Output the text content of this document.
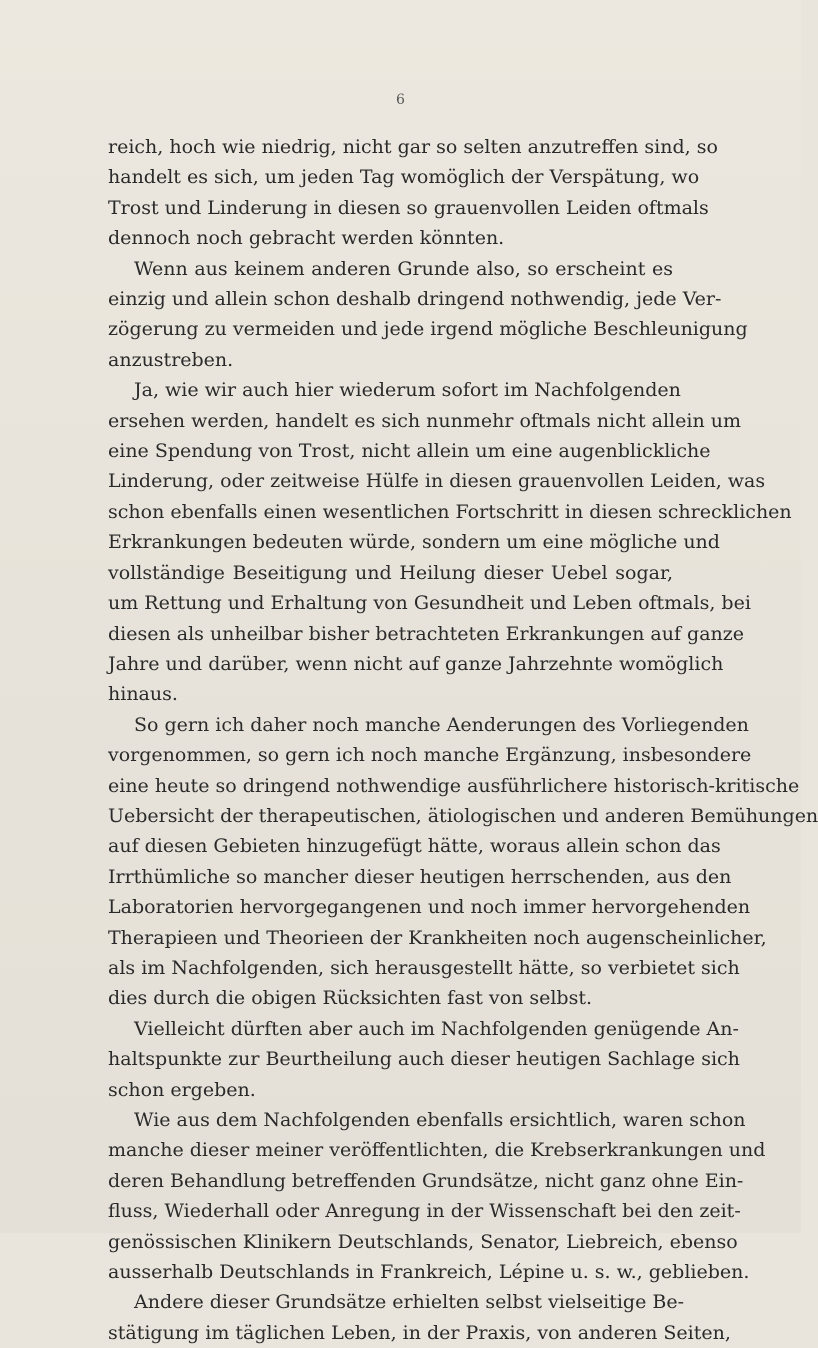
6
reich, hoch wie niedrig, nicht gar so selten anzutreffen sind, so
handelt es sich, um jeden Tag womöglich der Verspätung, wo
Trost und Linderung in diesen so grauenvollen Leiden oftmals
dennoch noch gebracht werden könnten.
Wenn aus keinem anderen Grunde also, so erscheint es
einzig und allein schon deshalb dringend nothwendig, jede Ver-
zögerung zu vermeiden und jede irgend mögliche Beschleunigung
anzustreben.
Ja, wie wir auch hier wiederum sofort im Nachfolgenden
ersehen werden, handelt es sich nunmehr oftmals nicht allein um
eine Spendung von Trost, nicht allein um eine augenblickliche
Linderung, oder zeitweise Hülfe in diesen grauenvollen Leiden, was
schon ebenfalls einen wesentlichen Fortschritt in diesen schrecklichen
Erkrankungen bedeuten würde, sondern um eine mögliche und
vollständige Beseitigung und Heilung dieser Uebel sogar,
um Rettung und Erhaltung von Gesundheit und Leben oftmals, bei
diesen als unheilbar bisher betrachteten Erkrankungen auf ganze
Jahre und darüber, wenn nicht auf ganze Jahrzehnte womöglich
hinaus.
So gern ich daher noch manche Aenderungen des Vorliegenden
vorgenommen, so gern ich noch manche Ergänzung, insbesondere
eine heute so dringend nothwendige ausführlichere historisch-kritische
Uebersicht der therapeutischen, ätiologischen und anderen Bemühungen
auf diesen Gebieten hinzugefügt hätte, woraus allein schon das
Irrthümliche so mancher dieser heutigen herrschenden, aus den
Laboratorien hervorgegangenen und noch immer hervorgehenden
Therapieen und Theorieen der Krankheiten noch augenscheinlicher,
als im Nachfolgenden, sich herausgestellt hätte, so verbietet sich
dies durch die obigen Rücksichten fast von selbst.
Vielleicht dürften aber auch im Nachfolgenden genügende An-
haltspunkte zur Beurtheilung auch dieser heutigen Sachlage sich
schon ergeben.
Wie aus dem Nachfolgenden ebenfalls ersichtlich, waren schon
manche dieser meiner veröffentlichten, die Krebserkrankungen und
deren Behandlung betreffenden Grundsätze, nicht ganz ohne Ein-
fluss, Wiederhall oder Anregung in der Wissenschaft bei den zeit-
genössischen Klinikern Deutschlands, Senator, Liebreich, ebenso
ausserhalb Deutschlands in Frankreich, Lépine u. s. w., geblieben.
Andere dieser Grundsätze erhielten selbst vielseitige Be-
stätigung im täglichen Leben, in der Praxis, von anderen Seiten,
